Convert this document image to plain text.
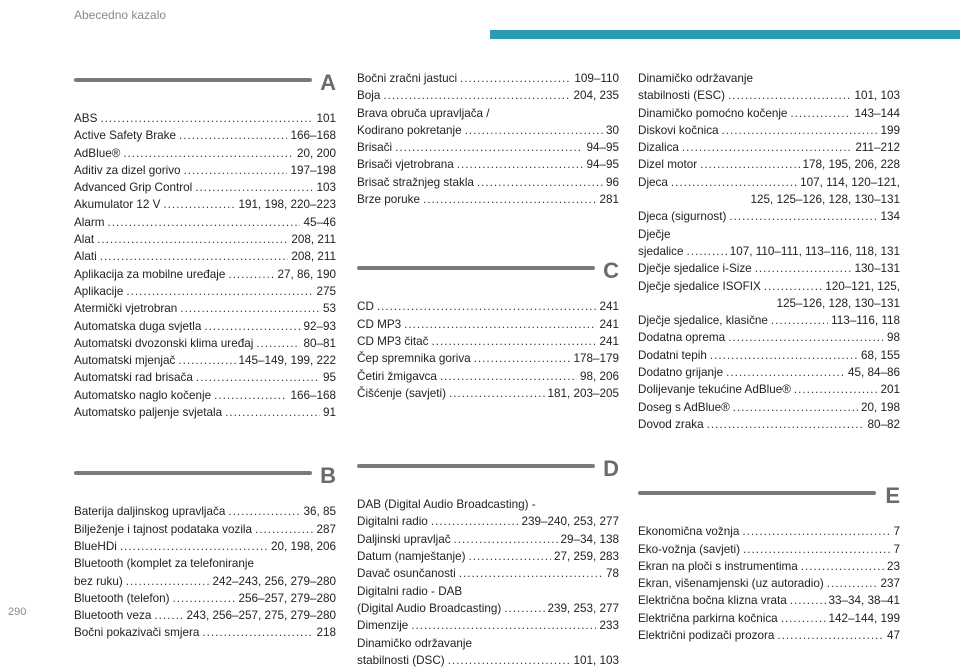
Abecedno kazalo
290
A
ABS .....	101
Active Safety Brake .....	166–168
AdBlue® .....	20, 200
Aditiv za dizel gorivo .....	197–198
Advanced Grip Control .....	103
Akumulator 12 V .....	191, 198, 220–223
Alarm .....	45–46
Alat .....	208, 211
Alati .....	208, 211
Aplikacija za mobilne uređaje .....	27, 86, 190
Aplikacije .....	275
Atermički vjetrobran .....	53
Automatska duga svjetla .....	92–93
Automatski dvozonski klima uređaj .....	80–81
Automatski mjenjač .....	145–149, 199, 222
Automatski rad brisača .....	95
Automatsko naglo kočenje .....	166–168
Automatsko paljenje svjetala .....	91
B
Baterija daljinskog upravljača .....	36, 85
Bilježenje i tajnost podataka vozila .....	287
BlueHDi .....	20, 198, 206
Bluetooth (komplet za telefoniranje
bez ruku) .....	242–243, 256, 279–280
Bluetooth (telefon) .....	256–257, 279–280
Bluetooth veza .....	243, 256–257, 275, 279–280
Bočni pokazivači smjera .....	218
Bočni zračni jastuci .....	109–110
Boja .....	204, 235
Brava obruča upravljača /
Kodirano pokretanje .....	30
Brisači .....	94–95
Brisači vjetrobrana .....	94–95
Brisač stražnjeg stakla .....	96
Brze poruke .....	281
C
CD .....	241
CD MP3 .....	241
CD MP3 čitač .....	241
Čep spremnika goriva .....	178–179
Četiri žmigavca .....	98, 206
Čišćenje (savjeti) .....	181, 203–205
D
DAB (Digital Audio Broadcasting) -
Digitalni radio .....	239–240, 253, 277
Daljinski upravljač .....	29–34, 138
Datum (namještanje) .....	27, 259, 283
Davač osunčanosti .....	78
Digitalni radio - DAB
(Digital Audio Broadcasting) .....	239, 253, 277
Dimenzije .....	233
Dinamičko održavanje
stabilnosti (DSC) .....	101, 103
Dinamičko održavanje
stabilnosti (ESC) .....	101, 103
Dinamičko pomoćno kočenje .....	143–144
Diskovi kočnica .....	199
Dizalica .....	211–212
Dizel motor .....	178, 195, 206, 228
Djeca .....	107, 114, 120–121,
125, 125–126, 128, 130–131
Djeca (sigurnost) .....	134
Dječje
sjedalice .....	107, 110–111, 113–116, 118, 131
Dječje sjedalice i-Size .....	130–131
Dječje sjedalice ISOFIX .....	120–121, 125,
125–126, 128, 130–131
Dječje sjedalice, klasične .....	113–116, 118
Dodatna oprema .....	98
Dodatni tepih .....	68, 155
Dodatno grijanje .....	45, 84–86
Dolijevanje tekućine AdBlue® .....	201
Doseg s AdBlue® .....	20, 198
Dovod zraka .....	80–82
E
Ekonomična vožnja .....	7
Eko-vožnja (savjeti) .....	7
Ekran na ploči s instrumentima .....	23
Ekran, višenamjenski (uz autoradio) .....	237
Električna bočna klizna vrata .....	33–34, 38–41
Električna parkirna kočnica .....	142–144, 199
Električni podizači prozora .....	47
